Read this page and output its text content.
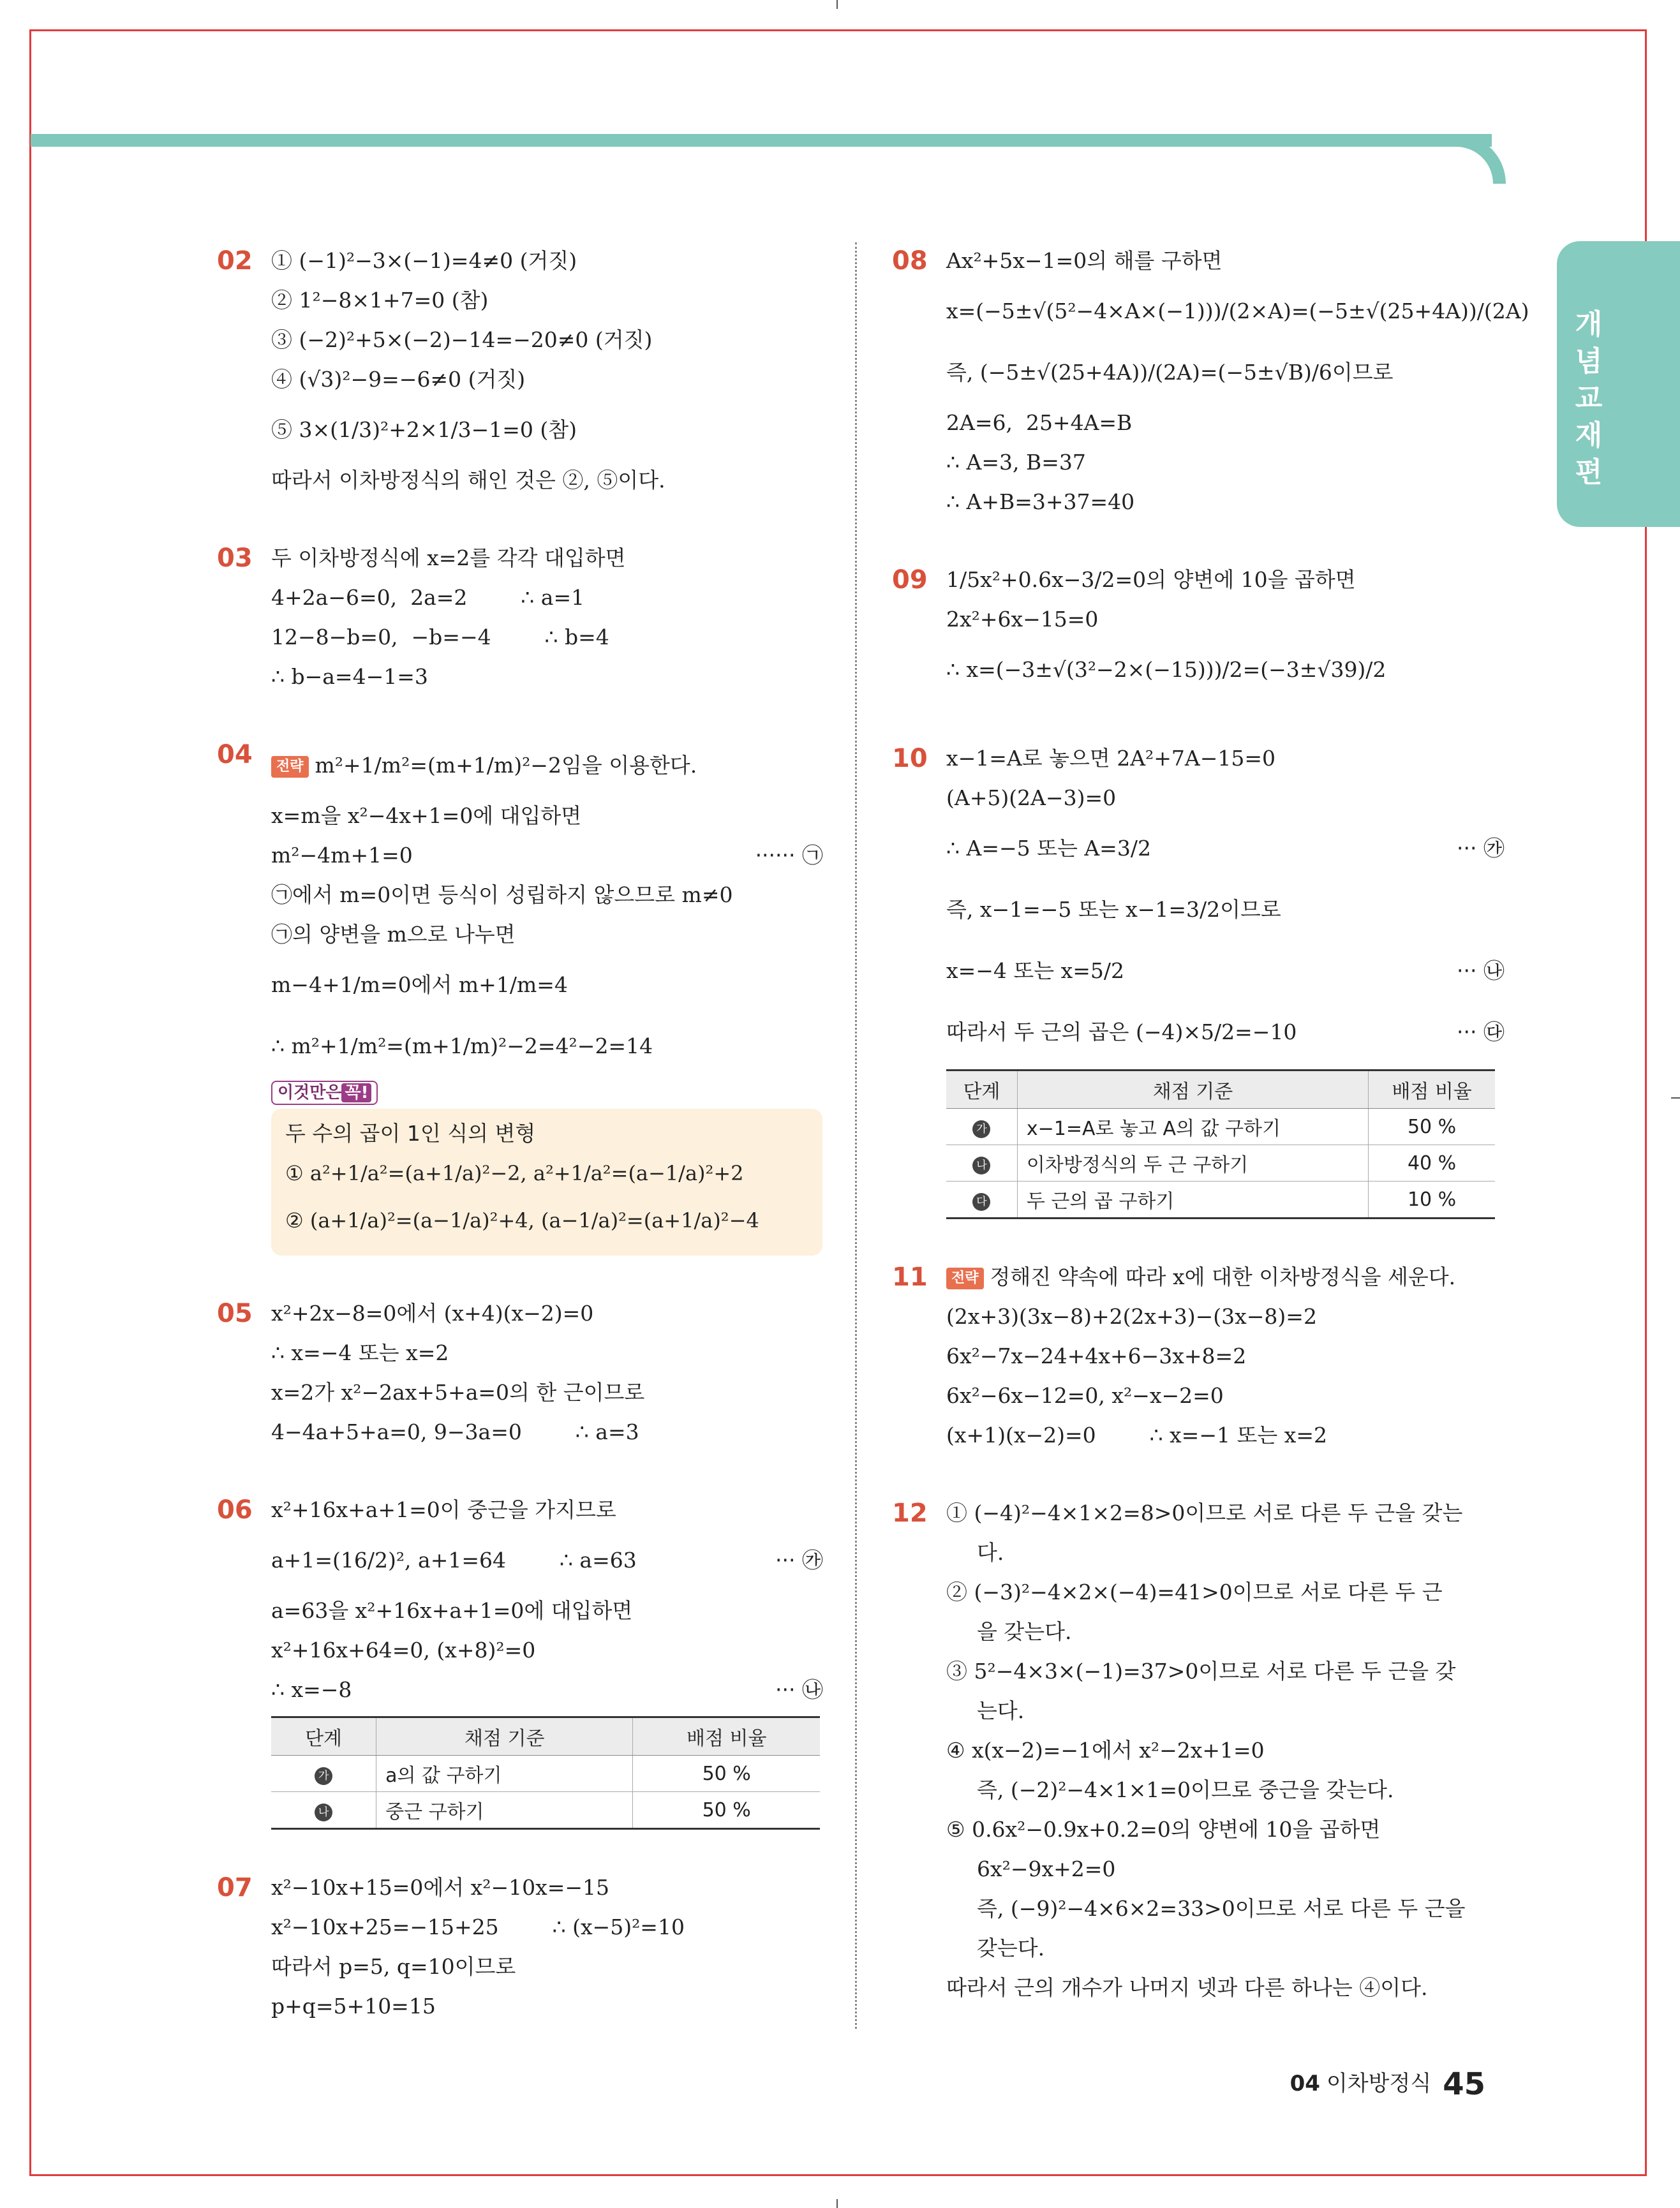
개념교재편
02 ① (−1)²−3×(−1)=4≠0 (거짓)
② 1²−8×1+7=0 (참)
③ (−2)²+5×(−2)−14=−20≠0 (거짓)
④ (√3)²−9=−6≠0 (거짓)
⑤ 3×(1/3)²+2×1/3−1=0 (참)
따라서 이차방정식의 해인 것은 ②, ⑤이다.
03 두 이차방정식에 x=2를 각각 대입하면
4+2a−6=0,  2a=2        ∴ a=1
12−8−b=0,  −b=−4        ∴ b=4
∴ b−a=4−1=3
04	전략 m²+1/m²=(m+1/m)²−2임을 이용한다.
x=m을 x²−4x+1=0에 대입하면
m²−4m+1=0	······ ㉠
㉠에서 m=0이면 등식이 성립하지 않으므로 m≠0
㉠의 양변을 m으로 나누면
m−4+1/m=0에서 m+1/m=4
∴ m²+1/m²=(m+1/m)²−2=4²−2=14
이것만은 꼭!
두 수의 곱이 1인 식의 변형
① a²+1/a²=(a+1/a)²−2, a²+1/a²=(a−1/a)²+2
② (a+1/a)²=(a−1/a)²+4, (a−1/a)²=(a+1/a)²−4
05 x²+2x−8=0에서 (x+4)(x−2)=0
∴ x=−4 또는 x=2
x=2가 x²−2ax+5+a=0의 한 근이므로
4−4a+5+a=0, 9−3a=0        ∴ a=3
06 x²+16x+a+1=0이 중근을 가지므로
a+1=(16/2)², a+1=64        ∴ a=63	··· ㉮
a=63을 x²+16x+a+1=0에 대입하면
x²+16x+64=0, (x+8)²=0
∴ x=−8	··· ㉯
단계	채점 기준	배점 비율
가	a의 값 구하기	50 %
나	중근 구하기	50 %
07 x²−10x+15=0에서 x²−10x=−15
x²−10x+25=−15+25        ∴ (x−5)²=10
따라서 p=5, q=10이므로
p+q=5+10=15
08 Ax²+5x−1=0의 해를 구하면
x=(−5±√(5²−4×A×(−1)))/(2×A)=(−5±√(25+4A))/(2A)
즉, (−5±√(25+4A))/(2A)=(−5±√B)/6이므로
2A=6,  25+4A=B
∴ A=3, B=37
∴ A+B=3+37=40
09 1/5x²+0.6x−3/2=0의 양변에 10을 곱하면
2x²+6x−15=0
∴ x=(−3±√(3²−2×(−15)))/2=(−3±√39)/2
10 x−1=A로 놓으면 2A²+7A−15=0
(A+5)(2A−3)=0
∴ A=−5 또는 A=3/2	··· ㉮
즉, x−1=−5 또는 x−1=3/2이므로
x=−4 또는 x=5/2	··· ㉯
따라서 두 근의 곱은 (−4)×5/2=−10	··· ㉰
단계	채점 기준	배점 비율
가	x−1=A로 놓고 A의 값 구하기	50 %
나	이차방정식의 두 근 구하기	40 %
다	두 근의 곱 구하기	10 %
11	전략 정해진 약속에 따라 x에 대한 이차방정식을 세운다.
(2x+3)(3x−8)+2(2x+3)−(3x−8)=2
6x²−7x−24+4x+6−3x+8=2
6x²−6x−12=0, x²−x−2=0
(x+1)(x−2)=0        ∴ x=−1 또는 x=2
12 ① (−4)²−4×1×2=8>0이므로 서로 다른 두 근을 갖는
다.
② (−3)²−4×2×(−4)=41>0이므로 서로 다른 두 근
을 갖는다.
③ 5²−4×3×(−1)=37>0이므로 서로 다른 두 근을 갖
는다.
④ x(x−2)=−1에서 x²−2x+1=0
즉, (−2)²−4×1×1=0이므로 중근을 갖는다.
⑤ 0.6x²−0.9x+0.2=0의 양변에 10을 곱하면
6x²−9x+2=0
즉, (−9)²−4×6×2=33>0이므로 서로 다른 두 근을
갖는다.
따라서 근의 개수가 나머지 넷과 다른 하나는 ④이다.
04 이차방정식 45
